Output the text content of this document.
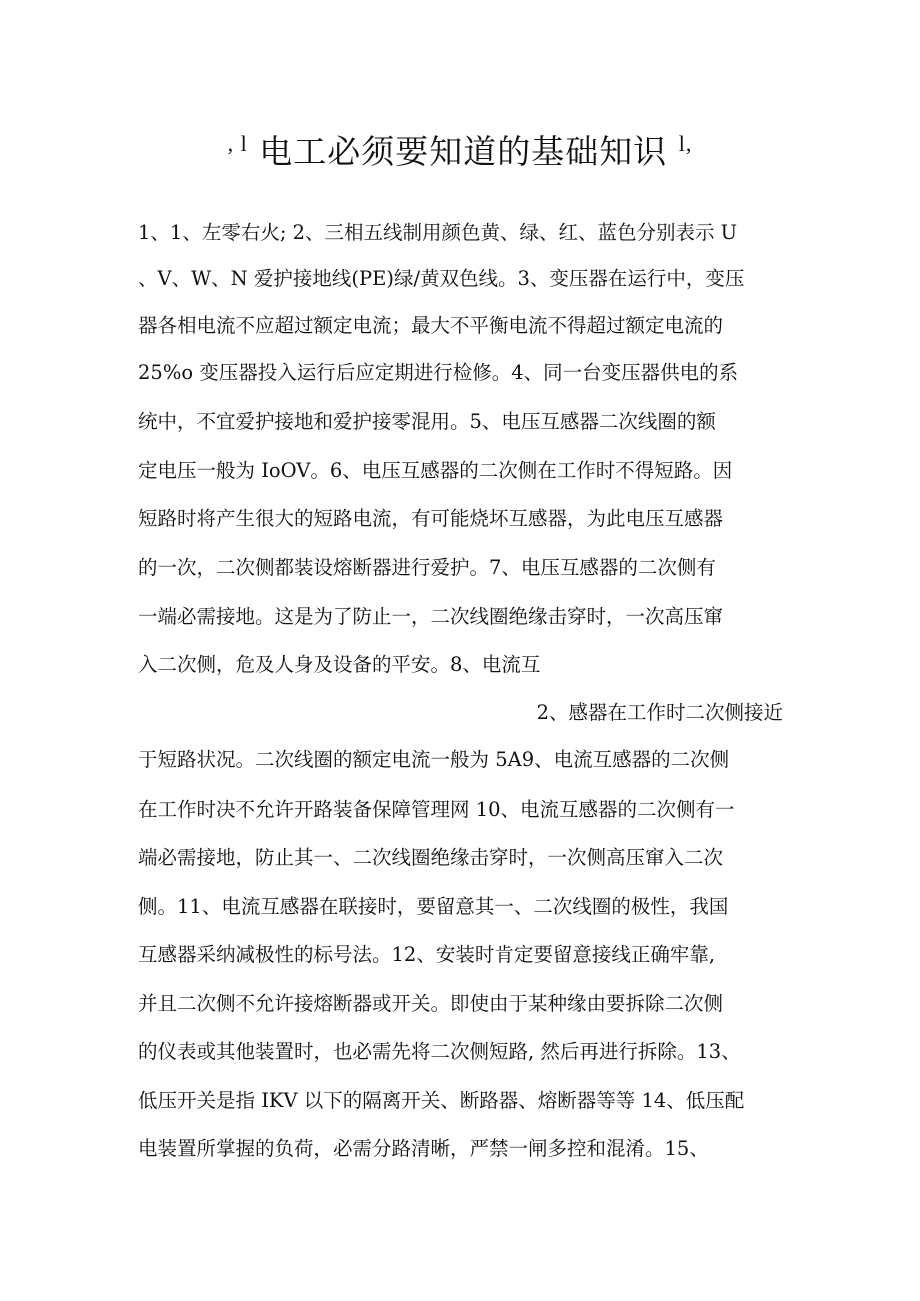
$^{, l}$ 电工必须要知道的基础知识 $^{l,}$
1、1、左零右火; 2、三相五线制用颜色黄、绿、红、蓝色分别表示 U
、V、W、N 爱护接地线(PE)绿/黄双色线。3、变压器在运行中，变压
器各相电流不应超过额定电流；最大不平衡电流不得超过额定电流的
25%o 变压器投入运行后应定期进行检修。4、同一台变压器供电的系
统中，不宜爱护接地和爱护接零混用。5、电压互感器二次线圈的额
定电压一般为 IoOV。6、电压互感器的二次侧在工作时不得短路。因
短路时将产生很大的短路电流，有可能烧坏互感器，为此电压互感器
的一次，二次侧都装设熔断器进行爱护。7、电压互感器的二次侧有
一端必需接地。这是为了防止一，二次线圈绝缘击穿时，一次高压窜
入二次侧，危及人身及设备的平安。8、电流互
2、感器在工作时二次侧接近
于短路状况。二次线圈的额定电流一般为 5A9、电流互感器的二次侧
在工作时决不允许开路装备保障管理网 10、电流互感器的二次侧有一
端必需接地，防止其一、二次线圈绝缘击穿时，一次侧高压窜入二次
侧。11、电流互感器在联接时，要留意其一、二次线圈的极性，我国
互感器采纳减极性的标号法。12、安装时肯定要留意接线正确牢靠,
并且二次侧不允许接熔断器或开关。即使由于某种缘由要拆除二次侧
的仪表或其他装置时，也必需先将二次侧短路, 然后再进行拆除。13、
低压开关是指 IKV 以下的隔离开关、断路器、熔断器等等 14、低压配
电装置所掌握的负荷，必需分路清晰，严禁一闸多控和混淆。15、
